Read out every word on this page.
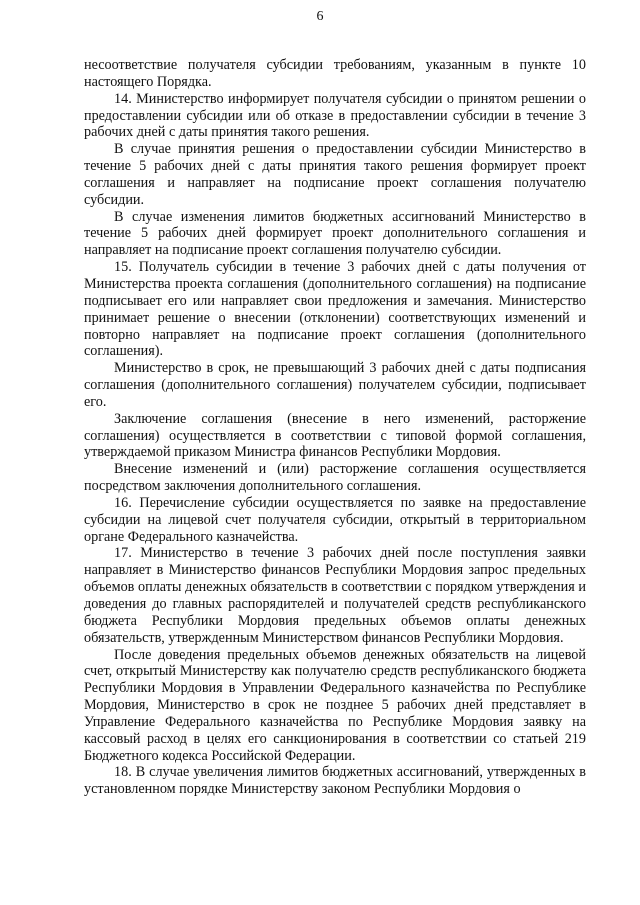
6

несоответствие получателя субсидии требованиям, указанным в пункте 10 настоящего Порядка.

14. Министерство информирует получателя субсидии о принятом решении о предоставлении субсидии или об отказе в предоставлении субсидии в течение 3 рабочих дней с даты принятия такого решения.

В случае принятия решения о предоставлении субсидии Министерство в течение 5 рабочих дней с даты принятия такого решения формирует проект соглашения и направляет на подписание проект соглашения получателю субсидии.

В случае изменения лимитов бюджетных ассигнований Министерство в течение 5 рабочих дней формирует проект дополнительного соглашения и направляет на подписание проект соглашения получателю субсидии.

15. Получатель субсидии в течение 3 рабочих дней с даты получения от Министерства проекта соглашения (дополнительного соглашения) на подписание подписывает его или направляет свои предложения и замечания. Министерство принимает решение о внесении (отклонении) соответствующих изменений и повторно направляет на подписание проект соглашения (дополнительного соглашения).

Министерство в срок, не превышающий 3 рабочих дней с даты подписания соглашения (дополнительного соглашения) получателем субсидии, подписывает его.

Заключение соглашения (внесение в него изменений, расторжение соглашения) осуществляется в соответствии с типовой формой соглашения, утверждаемой приказом Министра финансов Республики Мордовия.

Внесение изменений и (или) расторжение соглашения осуществляется посредством заключения дополнительного соглашения.

16. Перечисление субсидии осуществляется по заявке на предоставление субсидии на лицевой счет получателя субсидии, открытый в территориальном органе Федерального казначейства.

17. Министерство в течение 3 рабочих дней после поступления заявки направляет в Министерство финансов Республики Мордовия запрос предельных объемов оплаты денежных обязательств в соответствии с порядком утверждения и доведения до главных распорядителей и получателей средств республиканского бюджета Республики Мордовия предельных объемов оплаты денежных обязательств, утвержденным Министерством финансов Республики Мордовия.

После доведения предельных объемов денежных обязательств на лицевой счет, открытый Министерству как получателю средств республиканского бюджета Республики Мордовия в Управлении Федерального казначейства по Республике Мордовия, Министерство в срок не позднее 5 рабочих дней представляет в Управление Федерального казначейства по Республике Мордовия заявку на кассовый расход в целях его санкционирования в соответствии со статьей 219 Бюджетного кодекса Российской Федерации.

18. В случае увеличения лимитов бюджетных ассигнований, утвержденных в установленном порядке Министерству законом Республики Мордовия о
